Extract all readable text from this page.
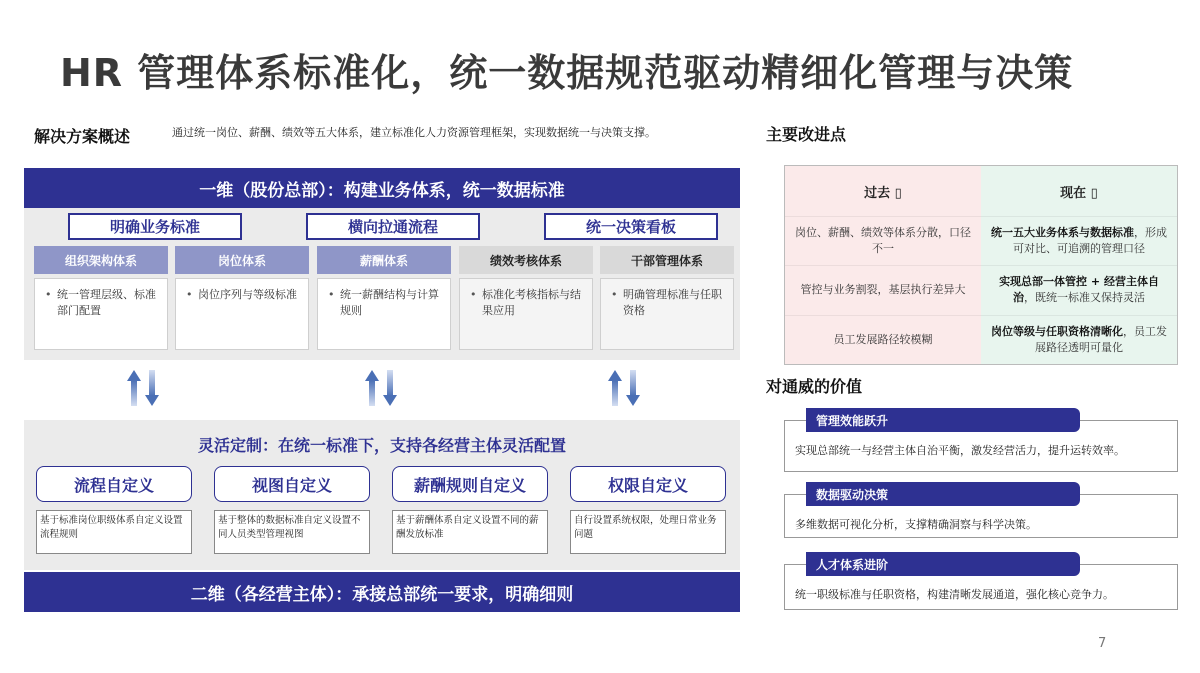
HR 管理体系标准化，统一数据规范驱动精细化管理与决策
解决方案概述	通过统一岗位、薪酬、绩效等五大体系，建立标准化人力资源管理框架，实现数据统一与决策支撑。
一维（股份总部）：构建业务体系，统一数据标准
明确业务标准	横向拉通流程	统一决策看板
组织架构体系	岗位体系	薪酬体系	绩效考核体系	干部管理体系
• 统一管理层级、标准部门配置
• 岗位序列与等级标准
•	统一薪酬结构与计算规则
• 标准化考核指标与结果应用
• 明确管理标准与任职资格
灵活定制：在统一标准下，支持各经营主体灵活配置
流程自定义	视图自定义	薪酬规则自定义	权限自定义
基于标准岗位职级体系自定义设置流程规则
基于整体的数据标准自定义设置不同人员类型管理视图
基于薪酬体系自定义设置不同的薪酬发放标准
自行设置系统权限，处理日常业务问题
二维（各经营主体）：承接总部统一要求，明确细则
主要改进点
过去 ▯
岗位、薪酬、绩效等体系分散，口径不一
管控与业务割裂，基层执行差异大
员工发展路径较模糊
现在 ▯
统一五大业务体系与数据标准，形成可对比、可追溯的管理口径
实现总部一体管控 + 经营主体自治，既统一标准又保持灵活
岗位等级与任职资格清晰化，员工发展路径透明可量化
对通威的价值
实现总部统一与经营主体自治平衡，激发经营活力，提升运转效率。
管理效能跃升
多维数据可视化分析，支撑精确洞察与科学决策。
数据驱动决策
统一职级标准与任职资格，构建清晰发展通道，强化核心竞争力。
人才体系进阶
7
